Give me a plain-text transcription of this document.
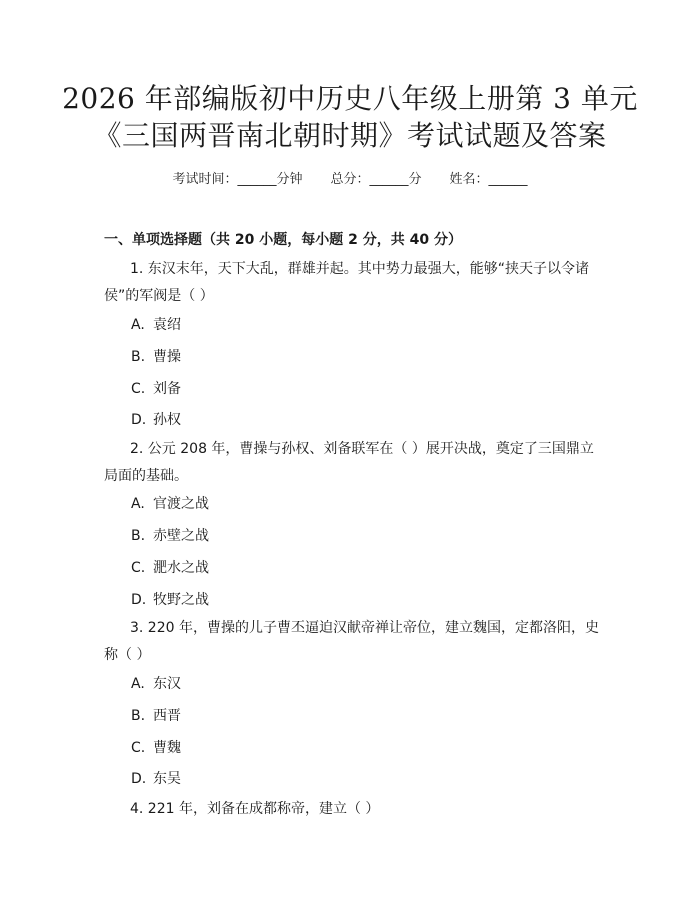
2026 年部编版初中历史八年级上册第 3 单元
《三国两晋南北朝时期》考试试题及答案
考试时间：______分钟 总分：______分 姓名：______
一、单项选择题（共 20 小题，每小题 2 分，共 40 分）
1. 东汉末年，天下大乱，群雄并起。其中势力最强大，能够“挟天子以令诸侯”的军阀是（ ）
A. 袁绍
B. 曹操
C. 刘备
D. 孙权
2. 公元 208 年，曹操与孙权、刘备联军在（ ）展开决战，奠定了三国鼎立局面的基础。
A. 官渡之战
B. 赤壁之战
C. 淝水之战
D. 牧野之战
3. 220 年，曹操的儿子曹丕逼迫汉献帝禅让帝位，建立魏国，定都洛阳，史称（ ）
A. 东汉
B. 西晋
C. 曹魏
D. 东吴
4. 221 年，刘备在成都称帝，建立（ ）
